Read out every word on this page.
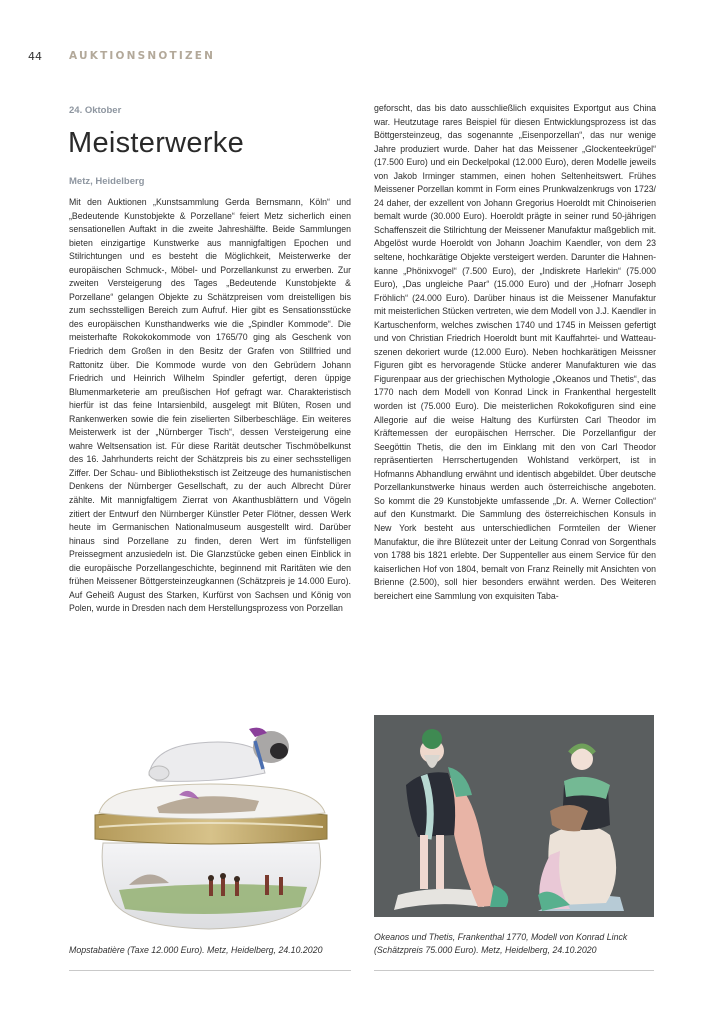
44	AUKTIONSNOTIZEN
24. Oktober
Meisterwerke
Metz, Heidelberg

Mit den Auktionen „Kunstsammlung Gerda Bernsmann, Köln“ und „Bedeutende Kunstobjekte & Porzellane“ feiert Metz sicherlich einen sensationellen Auftakt in die zweite Jahreshälfte. Beide Sammlungen bieten einzigartige Kunstwerke aus mannigfaltigen Epochen und Stilrichtungen und es besteht die Möglichkeit, Meisterwerke der europäischen Schmuck-, Möbel- und Porzellankunst zu erwerben. Zur zweiten Versteigerung des Tages „Bedeutende Kunstobjekte & Porzellane“ gelangen Objekte zu Schätzpreisen vom dreistelligen bis zum sechsstelligen Bereich zum Aufruf. Hier gibt es Sensationsstücke des europäischen Kunsthandwerks wie die „Spindler Kommode“. Die meisterhafte Rokokokommode von 1765/70 ging als Geschenk von Friedrich dem Großen in den Besitz der Grafen von Stillfried und Rattonitz über. Die Kommode wurde von den Gebrüdern Johann Friedrich und Heinrich Wilhelm Spindler gefertigt, deren üppige Blumenmarketerie am preußischen Hof gefragt war. Charakteristisch hierfür ist das feine Intarsienbild, ausgelegt mit Blüten, Rosen und Rankenwerken sowie die fein ziselierten Silberbeschläge. Ein weiteres Meisterwerk ist der „Nürnberger Tisch“, dessen Versteigerung eine wahre Weltsensation ist. Für diese Rarität deutscher Tischmöbelkunst des 16. Jahrhunderts reicht der Schätzpreis bis zu einer sechsstelligen Ziffer. Der Schau- und Bibliothekstisch ist Zeitzeuge des humanistischen Denkens der Nürnberger Gesellschaft, zu der auch Albrecht Dürer zählte. Mit mannigfaltigem Zierrat von Akanthusblättern und Vögeln zitiert der Entwurf den Nürnberger Künstler Peter Flötner, dessen Werk heute im Germanischen Nationalmuseum ausgestellt wird. Darüber hinaus sind Porzellane zu finden, deren Wert im fünfstelligen Preissegment anzusiedeln ist. Die Glanzstücke geben einen Einblick in die europäische Porzellangeschichte, beginnend mit Raritäten wie den frühen Meissener Böttgersteinzeugkannen (Schätzpreis je 14.000 Euro). Auf Geheiß August des Starken, Kurfürst von Sachsen und König von Polen, wurde in Dresden nach dem Herstellungsprozess von Porzellan

geforscht, das bis dato ausschließlich exquisites Exportgut aus China war. Heutzutage rares Beispiel für diesen Entwicklungsprozess ist das Böttgersteinzeug, das sogenannte „Eisenporzellan“, das nur wenige Jahre produziert wurde. Daher hat das Meissener „Glockenteekrügel“ (17.500 Euro) und ein Deckelpokal (12.000 Euro), deren Modelle jeweils von Jakob Irminger stammen, einen hohen Seltenheitswert. Frühes Meissener Porzellan kommt in Form eines Prunkwalzenkrugs von 1723/ 24 daher, der exzellent von Johann Gregorius Hoeroldt mit Chinoiserien bemalt wurde (30.000 Euro). Hoeroldt prägte in seiner rund 50-jährigen Schaffenszeit die Stilrichtung der Meissener Manufaktur maßgeblich mit. Abgelöst wurde Hoeroldt von Johann Joachim Kaendler, von dem 23 seltene, hochkarätige Objekte versteigert werden. Darunter die Hahnenkanne „Phönixvogel“ (7.500 Euro), der „Indiskrete Harlekin“ (75.000 Euro), „Das ungleiche Paar“ (15.000 Euro) und der „Hofnarr Joseph Fröhlich“ (24.000 Euro). Darüber hinaus ist die Meissener Manufaktur mit meisterlichen Stücken vertreten, wie dem Modell von J.J. Kaendler in Kartuschenform, welches zwischen 1740 und 1745 in Meissen gefertigt und von Christian Friedrich Hoeroldt bunt mit Kauffahrtei- und Watteauszenen dekoriert wurde (12.000 Euro). Neben hochkarätigen Meissner Figuren gibt es hervoragende Stücke anderer Manufakturen wie das Figurenpaar aus der griechischen Mythologie „Okeanos und Thetis“, das 1770 nach dem Modell von Konrad Linck in Frankenthal hergestellt worden ist (75.000 Euro). Die meisterlichen Rokokofiguren sind eine Allegorie auf die weise Haltung des Kurfürsten Carl Theodor im Kräftemessen der europäischen Herrscher. Die Porzellanfigur der Seegöttin Thetis, die den im Einklang mit den von Carl Theodor repräsentierten Herrschertugenden Wohlstand verkörpert, ist in Hofmanns Abhandlung erwähnt und identisch abgebildet. Über deutsche Porzellankunstwerke hinaus werden auch österreichische angeboten. So kommt die 29 Kunstobjekte umfassende „Dr. A. Werner Collection“ auf den Kunstmarkt. Die Sammlung des österreichischen Konsuls in New York besteht aus unterschiedlichen Formteilen der Wiener Manufaktur, die ihre Blütezeit unter der Leitung Conrad von Sorgenthals von 1788 bis 1821 erlebte. Der Suppenteller aus einem Service für den kaiserlichen Hof von 1804, bemalt von Franz Reinelly mit Ansichten von Brienne (2.500), soll hier besonders erwähnt werden. Des Weiteren bereichert eine Sammlung von exquisiten Taba-

Mopstabatière (Taxe 12.000 Euro). Metz, Heidelberg, 24.10.2020
Okeanos und Thetis, Frankenthal 1770, Modell von Konrad Linck (Schätzpreis 75.000 Euro). Metz, Heidelberg, 24.10.2020
